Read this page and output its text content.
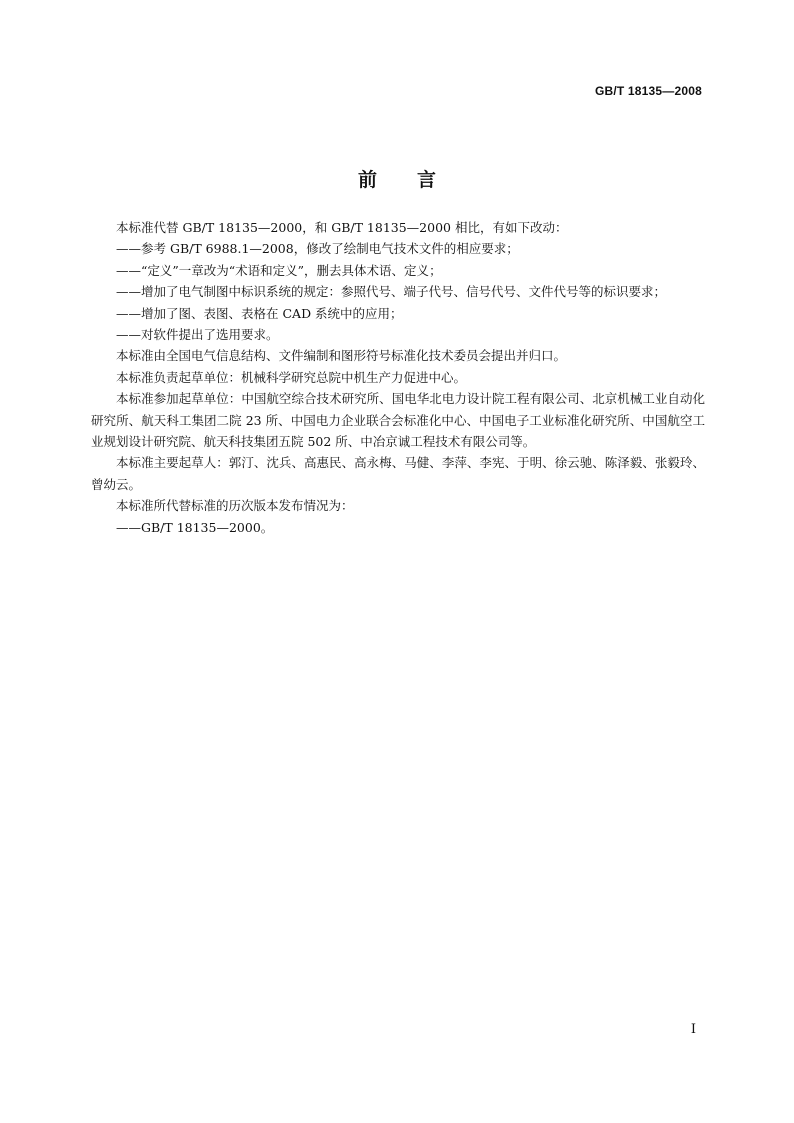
GB/T 18135—2008
前言

本标准代替 GB/T 18135—2000，和 GB/T 18135—2000 相比，有如下改动：

——参考 GB/T 6988.1—2008，修改了绘制电气技术文件的相应要求；

——“定义”一章改为“术语和定义”，删去具体术语、定义；

——增加了电气制图中标识系统的规定：参照代号、端子代号、信号代号、文件代号等的标识要求；

——增加了图、表图、表格在 CAD 系统中的应用；

——对软件提出了选用要求。

本标准由全国电气信息结构、文件编制和图形符号标准化技术委员会提出并归口。

本标准负责起草单位：机械科学研究总院中机生产力促进中心。

本标准参加起草单位：中国航空综合技术研究所、国电华北电力设计院工程有限公司、北京机械工业自动化研究所、航天科工集团二院 23 所、中国电力企业联合会标准化中心、中国电子工业标准化研究所、中国航空工业规划设计研究院、航天科技集团五院 502 所、中冶京诚工程技术有限公司等。

本标准主要起草人：郭汀、沈兵、高惠民、高永梅、马健、李萍、李宪、于明、徐云驰、陈泽毅、张毅玲、曾幼云。

本标准所代替标准的历次版本发布情况为：

——GB/T 18135—2000。

I
